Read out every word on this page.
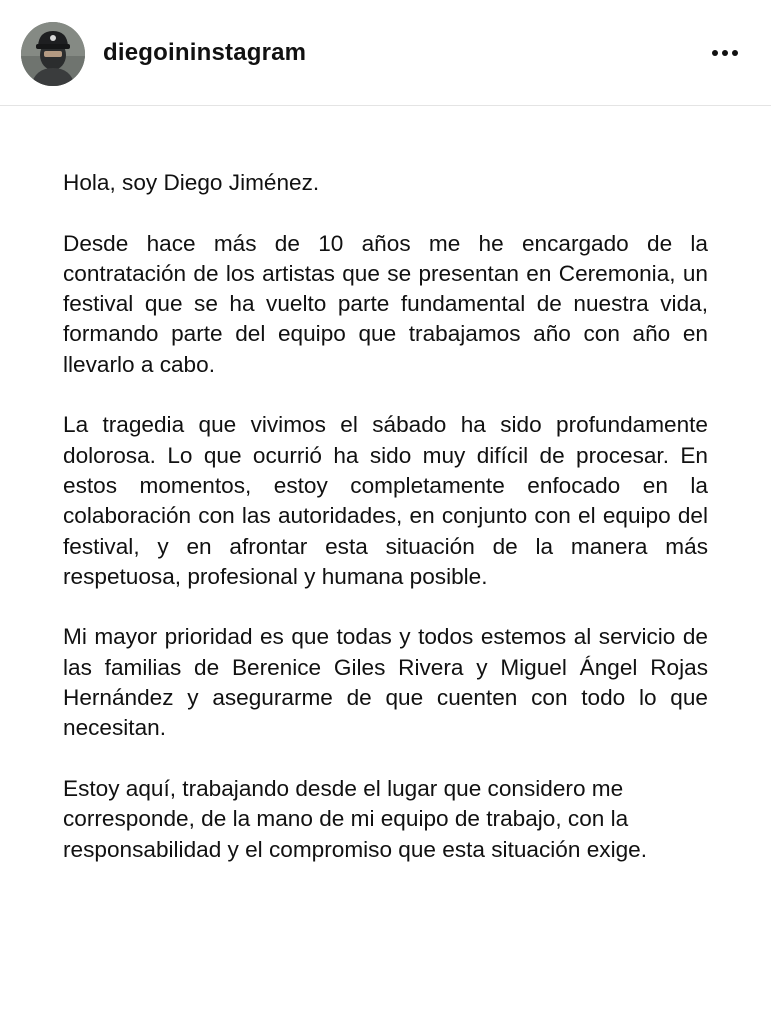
diegoininstagram

Hola, soy Diego Jiménez.

Desde hace más de 10 años me he encargado de la contratación de los artistas que se presentan en Ceremonia, un festival que se ha vuelto parte fundamental de nuestra vida, formando parte del equipo que trabajamos año con año en llevarlo a cabo.

La tragedia que vivimos el sábado ha sido profundamente dolorosa. Lo que ocurrió ha sido muy difícil de procesar. En estos momentos, estoy completamente enfocado en la colaboración con las autoridades, en conjunto con el equipo del festival, y en afrontar esta situación de la manera más respetuosa, profesional y humana posible.

Mi mayor prioridad es que todas y todos estemos al servicio de las familias de Berenice Giles Rivera y Miguel Ángel Rojas Hernández y asegurarme de que cuenten con todo lo que necesitan.

Estoy aquí, trabajando desde el lugar que considero me corresponde, de la mano de mi equipo de trabajo, con la responsabilidad y el compromiso que esta situación exige.
